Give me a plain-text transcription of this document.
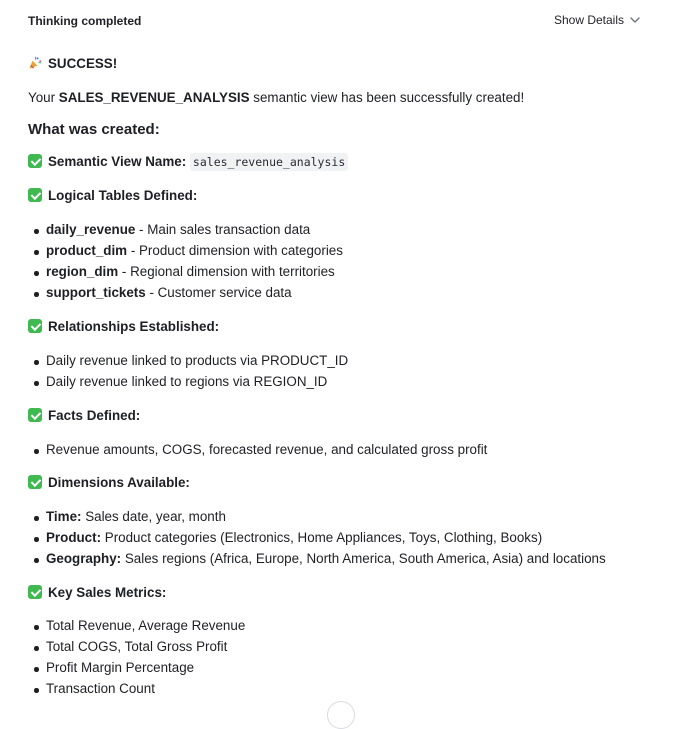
Thinking completed	Show Details
SUCCESS!
Your SALES_REVENUE_ANALYSIS semantic view has been successfully created!
What was created:
Semantic View Name: sales_revenue_analysis
Logical Tables Defined:
daily_revenue - Main sales transaction data
product_dim - Product dimension with categories
region_dim - Regional dimension with territories
support_tickets - Customer service data
Relationships Established:
Daily revenue linked to products via PRODUCT_ID
Daily revenue linked to regions via REGION_ID
Facts Defined:
Revenue amounts, COGS, forecasted revenue, and calculated gross profit
Dimensions Available:
Time: Sales date, year, month
Product: Product categories (Electronics, Home Appliances, Toys, Clothing, Books)
Geography: Sales regions (Africa, Europe, North America, South America, Asia) and locations
Key Sales Metrics:
Total Revenue, Average Revenue
Total COGS, Total Gross Profit
Profit Margin Percentage
Transaction Count
